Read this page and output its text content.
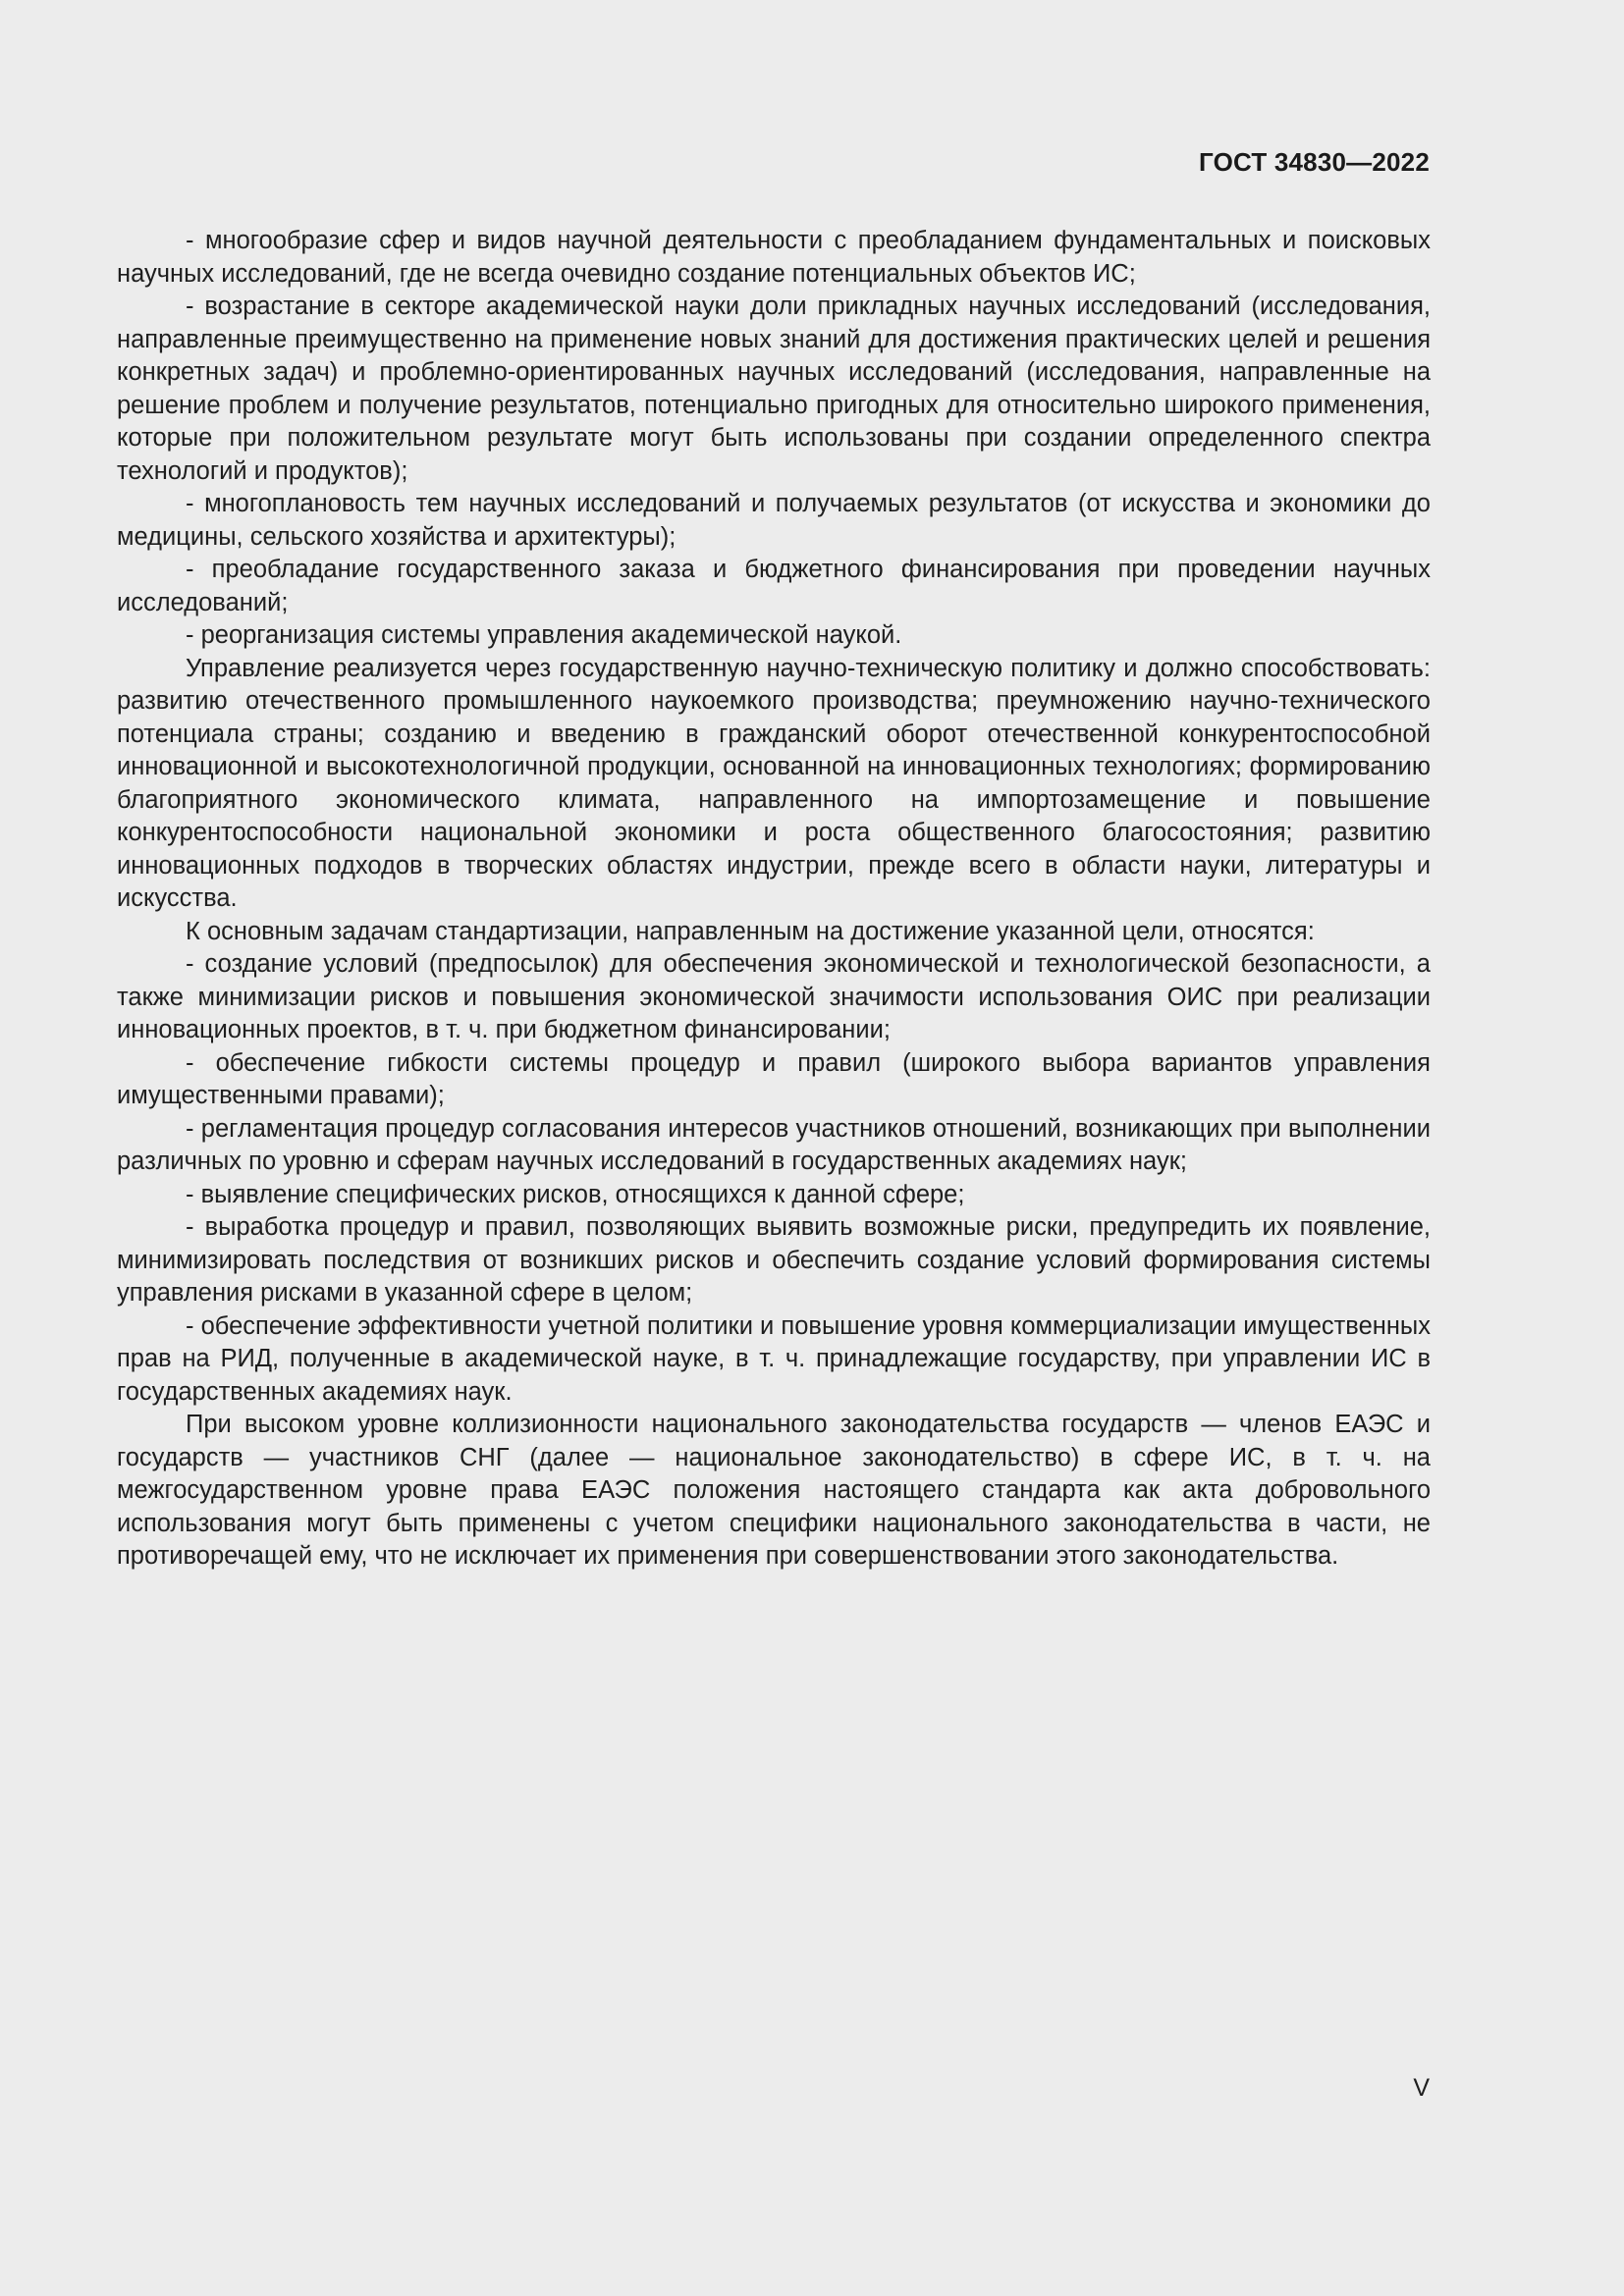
ГОСТ 34830—2022

- многообразие сфер и видов научной деятельности с преобладанием фундаментальных и поисковых научных исследований, где не всегда очевидно создание потенциальных объектов ИС;

- возрастание в секторе академической науки доли прикладных научных исследований (исследования, направленные преимущественно на применение новых знаний для достижения практических целей и решения конкретных задач) и проблемно-ориентированных научных исследований (исследования, направленные на решение проблем и получение результатов, потенциально пригодных для относительно широкого применения, которые при положительном результате могут быть использованы при создании определенного спектра технологий и продуктов);

- многоплановость тем научных исследований и получаемых результатов (от искусства и экономики до медицины, сельского хозяйства и архитектуры);

- преобладание государственного заказа и бюджетного финансирования при проведении научных исследований;

- реорганизация системы управления академической наукой.

Управление реализуется через государственную научно-техническую политику и должно способствовать: развитию отечественного промышленного наукоемкого производства; преумножению научно-технического потенциала страны; созданию и введению в гражданский оборот отечественной конкурентоспособной инновационной и высокотехнологичной продукции, основанной на инновационных технологиях; формированию благоприятного экономического климата, направленного на импортозамещение и повышение конкурентоспособности национальной экономики и роста общественного благосостояния; развитию инновационных подходов в творческих областях индустрии, прежде всего в области науки, литературы и искусства.

К основным задачам стандартизации, направленным на достижение указанной цели, относятся:

- создание условий (предпосылок) для обеспечения экономической и технологической безопасности, а также минимизации рисков и повышения экономической значимости использования ОИС при реализации инновационных проектов, в т. ч. при бюджетном финансировании;

- обеспечение гибкости системы процедур и правил (широкого выбора вариантов управления имущественными правами);

- регламентация процедур согласования интересов участников отношений, возникающих при выполнении различных по уровню и сферам научных исследований в государственных академиях наук;

- выявление специфических рисков, относящихся к данной сфере;

- выработка процедур и правил, позволяющих выявить возможные риски, предупредить их появление, минимизировать последствия от возникших рисков и обеспечить создание условий формирования системы управления рисками в указанной сфере в целом;

- обеспечение эффективности учетной политики и повышение уровня коммерциализации имущественных прав на РИД, полученные в академической науке, в т. ч. принадлежащие государству, при управлении ИС в государственных академиях наук.

При высоком уровне коллизионности национального законодательства государств — членов ЕАЭС и государств — участников СНГ (далее — национальное законодательство) в сфере ИС, в т. ч. на межгосударственном уровне права ЕАЭС положения настоящего стандарта как акта добровольного использования могут быть применены с учетом специфики национального законодательства в части, не противоречащей ему, что не исключает их применения при совершенствовании этого законодательства.

V
